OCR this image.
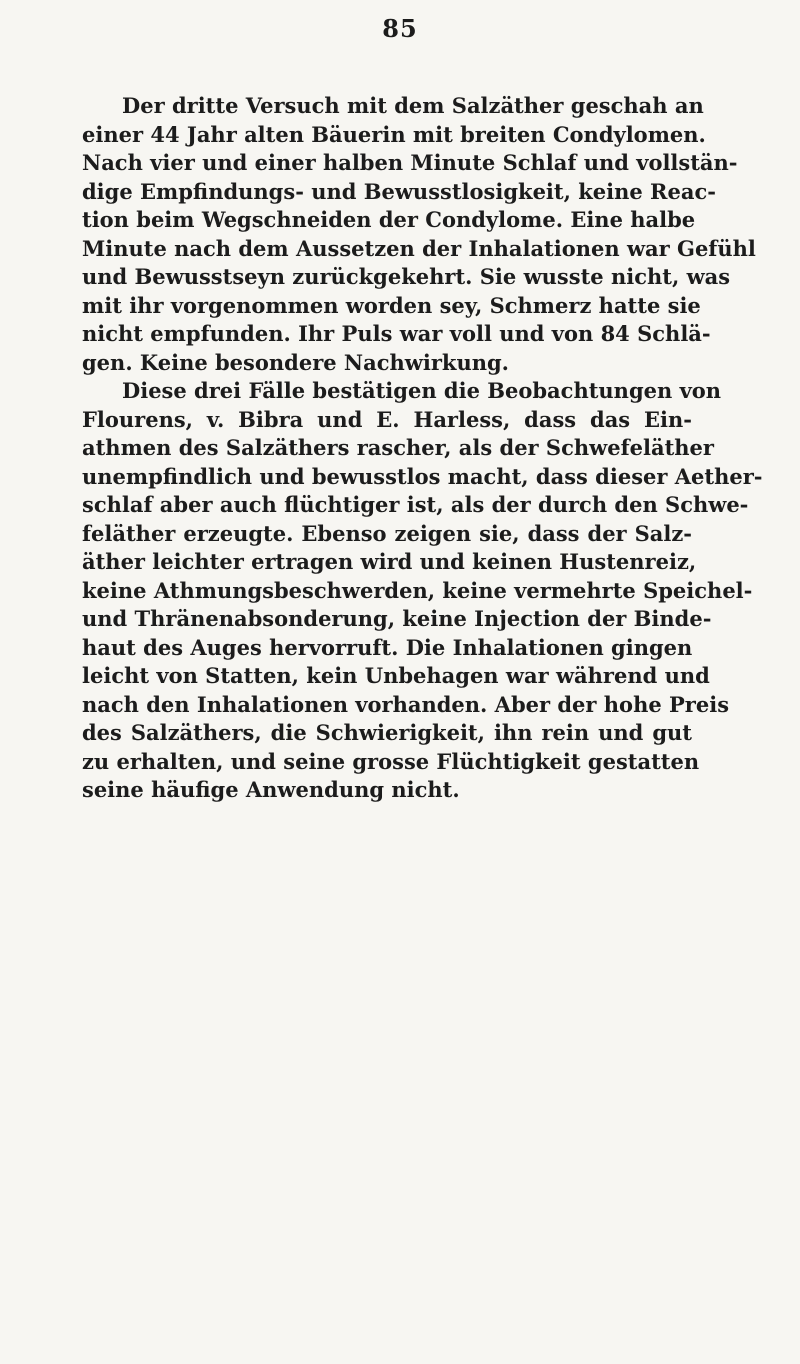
85
Der dritte Versuch mit dem Salzäther geschah an
einer 44 Jahr alten Bäuerin mit breiten Condylomen.
Nach vier und einer halben Minute Schlaf und vollstän-
dige Empfindungs- und Bewusstlosigkeit, keine Reac-
tion beim Wegschneiden der Condylome. Eine halbe
Minute nach dem Aussetzen der Inhalationen war Gefühl
und Bewusstseyn zurückgekehrt. Sie wusste nicht, was
mit ihr vorgenommen worden sey, Schmerz hatte sie
nicht empfunden. Ihr Puls war voll und von 84 Schlä-
gen. Keine besondere Nachwirkung.
Diese drei Fälle bestätigen die Beobachtungen von
Flourens, v. Bibra und E. Harless, dass das Ein-
athmen des Salzäthers rascher, als der Schwefeläther
unempfindlich und bewusstlos macht, dass dieser Aether-
schlaf aber auch flüchtiger ist, als der durch den Schwe-
feläther erzeugte. Ebenso zeigen sie, dass der Salz-
äther leichter ertragen wird und keinen Hustenreiz,
keine Athmungsbeschwerden, keine vermehrte Speichel-
und Thränenabsonderung, keine Injection der Binde-
haut des Auges hervorruft. Die Inhalationen gingen
leicht von Statten, kein Unbehagen war während und
nach den Inhalationen vorhanden. Aber der hohe Preis
des Salzäthers, die Schwierigkeit, ihn rein und gut
zu erhalten, und seine grosse Flüchtigkeit gestatten
seine häufige Anwendung nicht.
